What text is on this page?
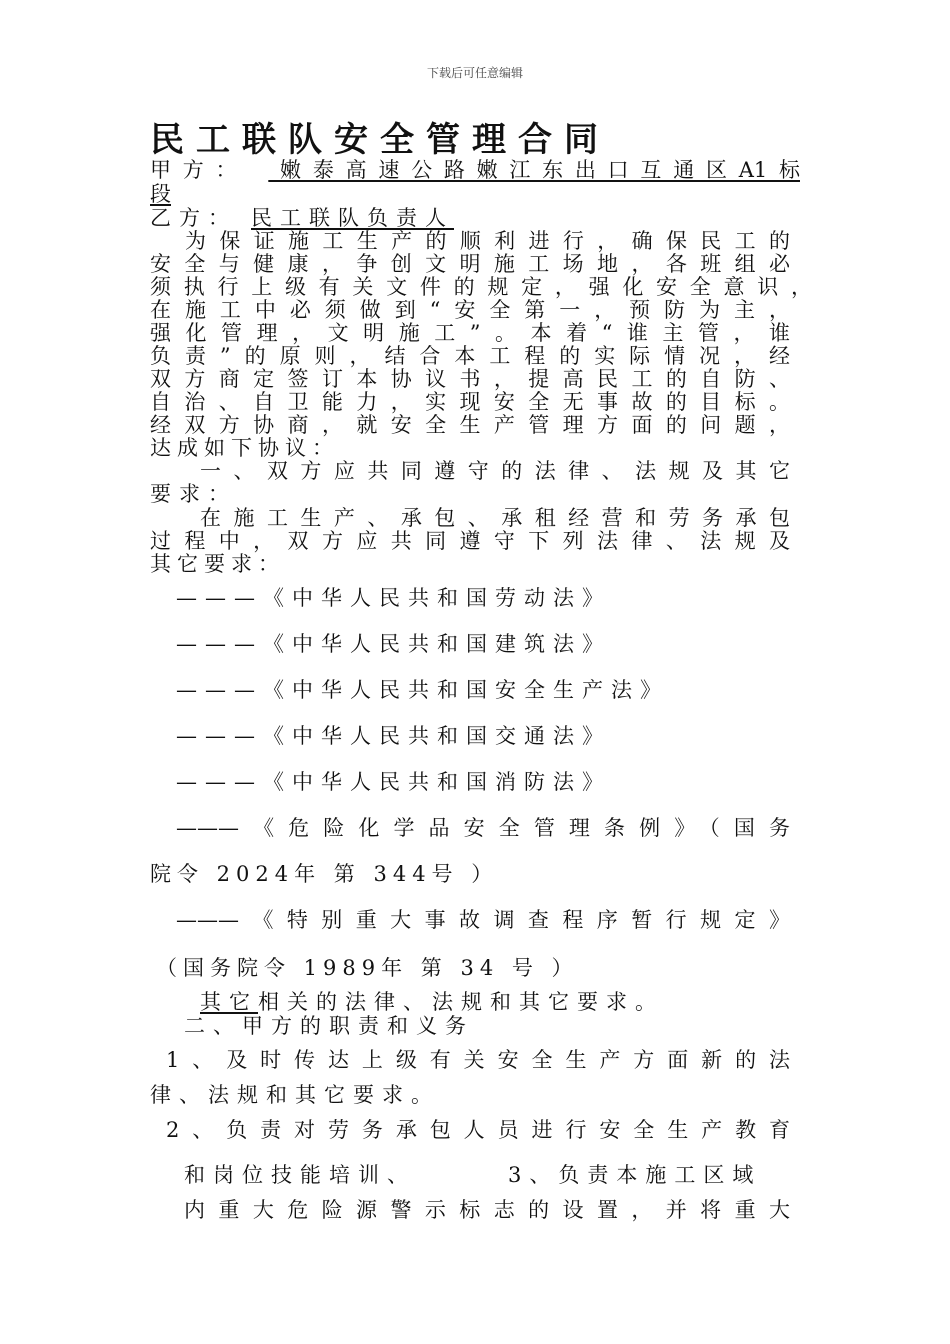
下载后可任意编辑
民工联队安全管理合同
甲方： 嫩泰高速公路嫩江东出口互通区A1标
段
乙方： 民工联队负责人
为保证施工生产的顺利进行，确保民工的
安全与健康，争创文明施工场地，各班组必
须执行上级有关文件的规定，强化安全意识，
在施工中必须做到“安全第一，预防为主，
强化管理，文明施工”。本着“谁主管，谁
负责”的原则，结合本工程的实际情况，经
双方商定签订本协议书，提高民工的自防、
自治、自卫能力，实现安全无事故的目标。
经双方协商，就安全生产管理方面的问题，
达成如下协议：
一、双方应共同遵守的法律、法规及其它
要求：
在施工生产、承包、承租经营和劳务承包
过程中，双方应共同遵守下列法律、法规及
其它要求：
———《中华人民共和国劳动法》
———《中华人民共和国建筑法》
———《中华人民共和国安全生产法》
———《中华人民共和国交通法》
———《中华人民共和国消防法》
———《危险化学品安全管理条例》（国务
院令 2024年 第 344号 ）
———《特别重大事故调查程序暂行规定》
（国务院令 1989年 第 34 号 ）
其它相关的法律、法规和其它要求。
二、甲方的职责和义务
1、及时传达上级有关安全生产方面新的法
律、法规和其它要求。
2、负责对劳务承包人员进行安全生产教育
和岗位技能培训、	3、负责本施工区域
内重大危险源警示标志的设置，并将重大
